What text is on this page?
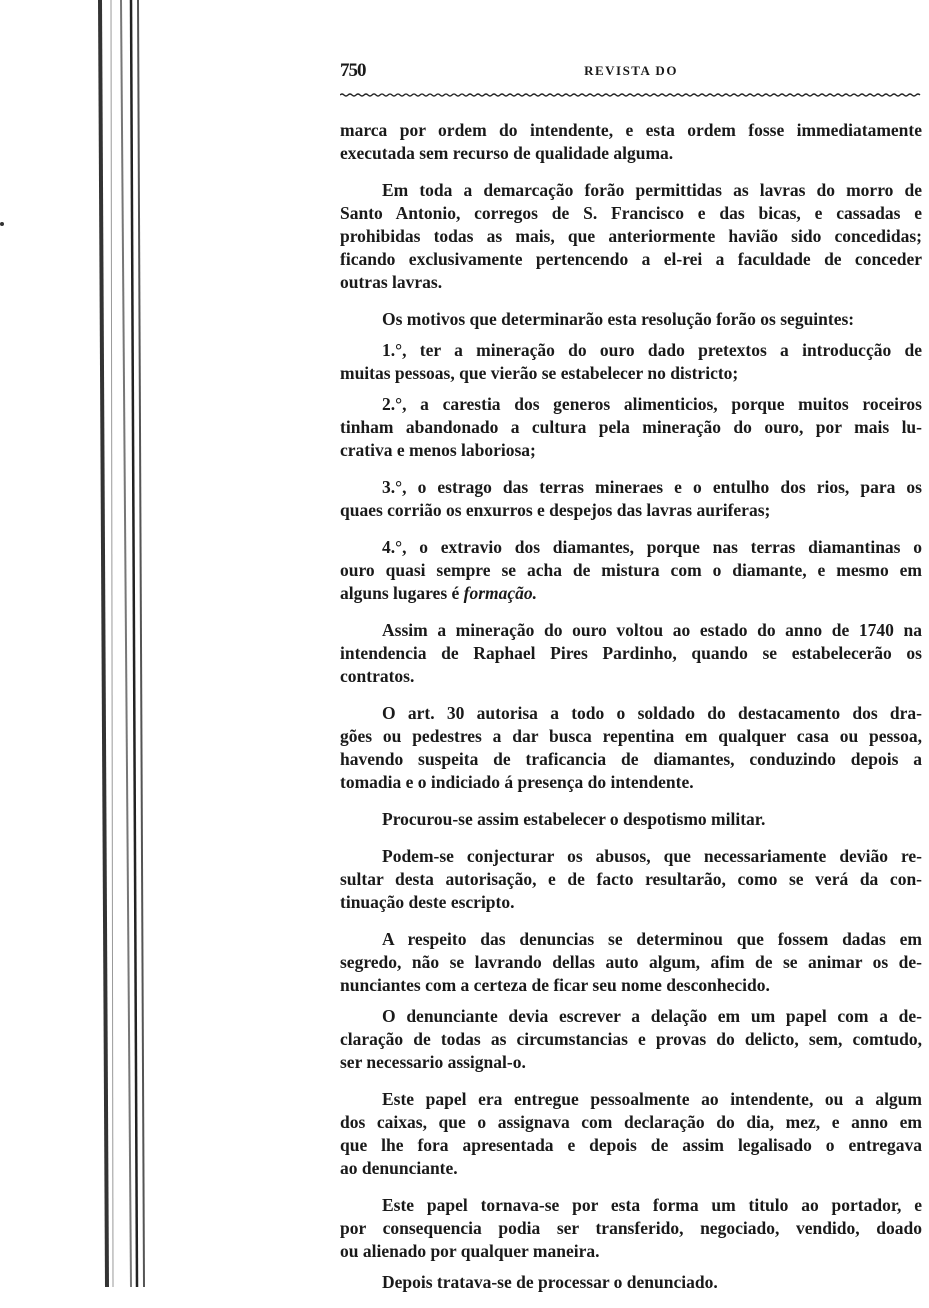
750	REVISTA DO
marca por ordem do intendente, e esta ordem fosse immediatamente
executada sem recurso de qualidade alguma.
Em toda a demarcação forão permittidas as lavras do morro de
Santo Antonio, corregos de S. Francisco e das bicas, e cassadas e
prohibidas todas as mais, que anteriormente havião sido concedidas;
ficando exclusivamente pertencendo a el-rei a faculdade de conceder
outras lavras.
Os motivos que determinarão esta resolução forão os seguintes:
1.°, ter a mineração do ouro dado pretextos a introducção de
muitas pessoas, que vierão se estabelecer no districto;
2.°, a carestia dos generos alimenticios, porque muitos roceiros
tinham abandonado a cultura pela mineração do ouro, por mais lu-
crativa e menos laboriosa;
3.°, o estrago das terras mineraes e o entulho dos rios, para os
quaes corrião os enxurros e despejos das lavras auriferas;
4.°, o extravio dos diamantes, porque nas terras diamantinas o
ouro quasi sempre se acha de mistura com o diamante, e mesmo em
alguns lugares é formação.
Assim a mineração do ouro voltou ao estado do anno de 1740 na
intendencia de Raphael Pires Pardinho, quando se estabelecerão os
contratos.
O art. 30 autorisa a todo o soldado do destacamento dos dra-
gões ou pedestres a dar busca repentina em qualquer casa ou pessoa,
havendo suspeita de traficancia de diamantes, conduzindo depois a
tomadia e o indiciado á presença do intendente.
Procurou-se assim estabelecer o despotismo militar.
Podem-se conjecturar os abusos, que necessariamente devião re-
sultar desta autorisação, e de facto resultarão, como se verá da con-
tinuação deste escripto.
A respeito das denuncias se determinou que fossem dadas em
segredo, não se lavrando dellas auto algum, afim de se animar os de-
nunciantes com a certeza de ficar seu nome desconhecido.
O denunciante devia escrever a delação em um papel com a de-
claração de todas as circumstancias e provas do delicto, sem, comtudo,
ser necessario assignal-o.
Este papel era entregue pessoalmente ao intendente, ou a algum
dos caixas, que o assignava com declaração do dia, mez, e anno em
que lhe fora apresentada e depois de assim legalisado o entregava
ao denunciante.
Este papel tornava-se por esta forma um titulo ao portador, e
por consequencia podia ser transferido, negociado, vendido, doado
ou alienado por qualquer maneira.
Depois tratava-se de processar o denunciado.
